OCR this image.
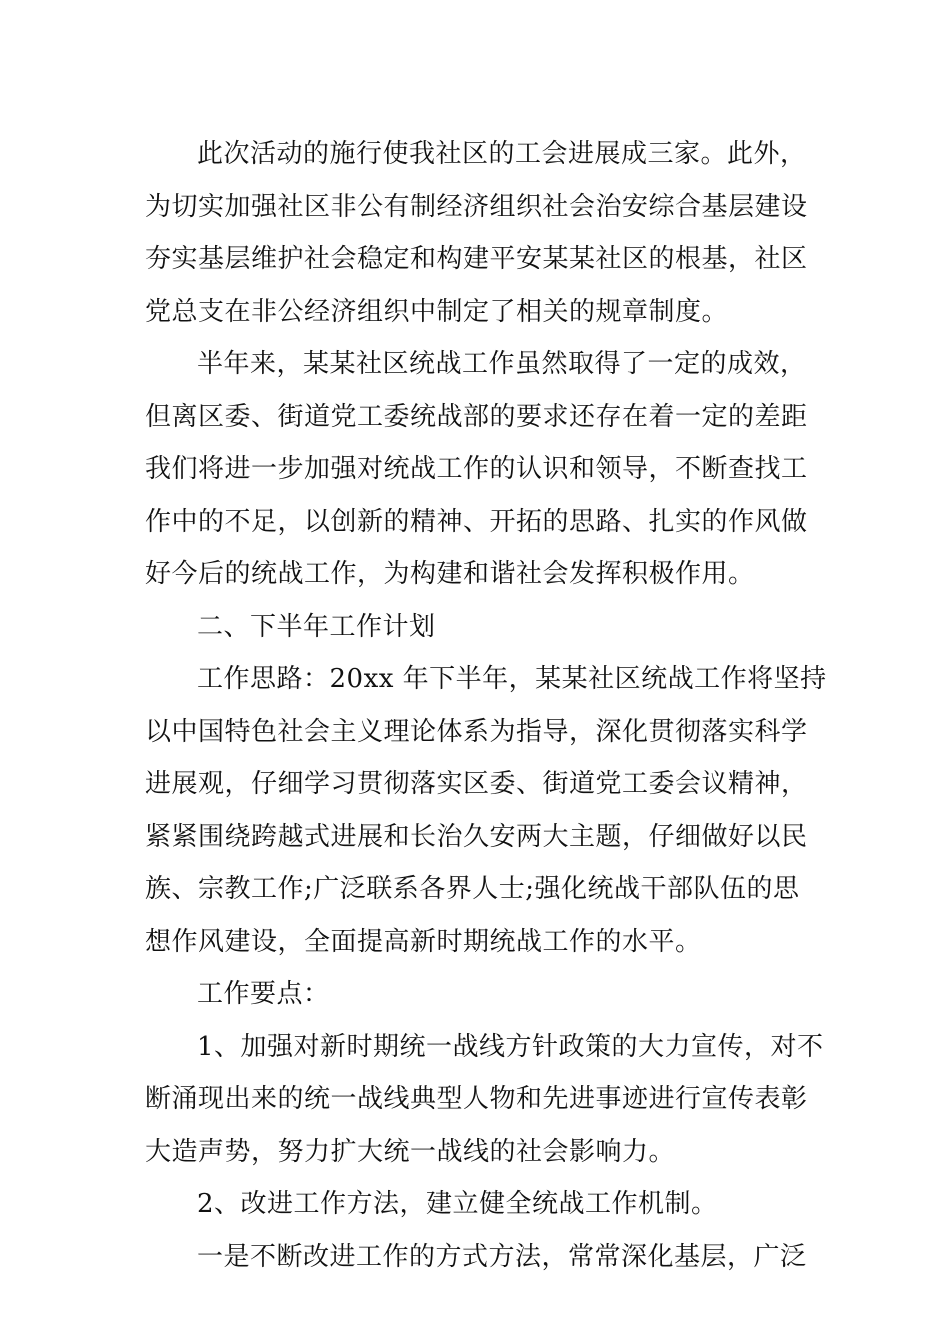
此次活动的施行使我社区的工会进展成三家。此外，
为切实加强社区非公有制经济组织社会治安综合基层建设
夯实基层维护社会稳定和构建平安某某社区的根基，社区
党总支在非公经济组织中制定了相关的规章制度。
半年来，某某社区统战工作虽然取得了一定的成效，
但离区委、街道党工委统战部的要求还存在着一定的差距
我们将进一步加强对统战工作的认识和领导，不断查找工
作中的不足，以创新的精神、开拓的思路、扎实的作风做
好今后的统战工作，为构建和谐社会发挥积极作用。
二、下半年工作计划
工作思路：20xx 年下半年，某某社区统战工作将坚持
以中国特色社会主义理论体系为指导，深化贯彻落实科学
进展观，仔细学习贯彻落实区委、街道党工委会议精神，
紧紧围绕跨越式进展和长治久安两大主题，仔细做好以民
族、宗教工作;广泛联系各界人士;强化统战干部队伍的思
想作风建设，全面提高新时期统战工作的水平。
工作要点：
1、加强对新时期统一战线方针政策的大力宣传，对不
断涌现出来的统一战线典型人物和先进事迹进行宣传表彰
大造声势，努力扩大统一战线的社会影响力。
2、改进工作方法，建立健全统战工作机制。
一是不断改进工作的方式方法，常常深化基层，广泛
